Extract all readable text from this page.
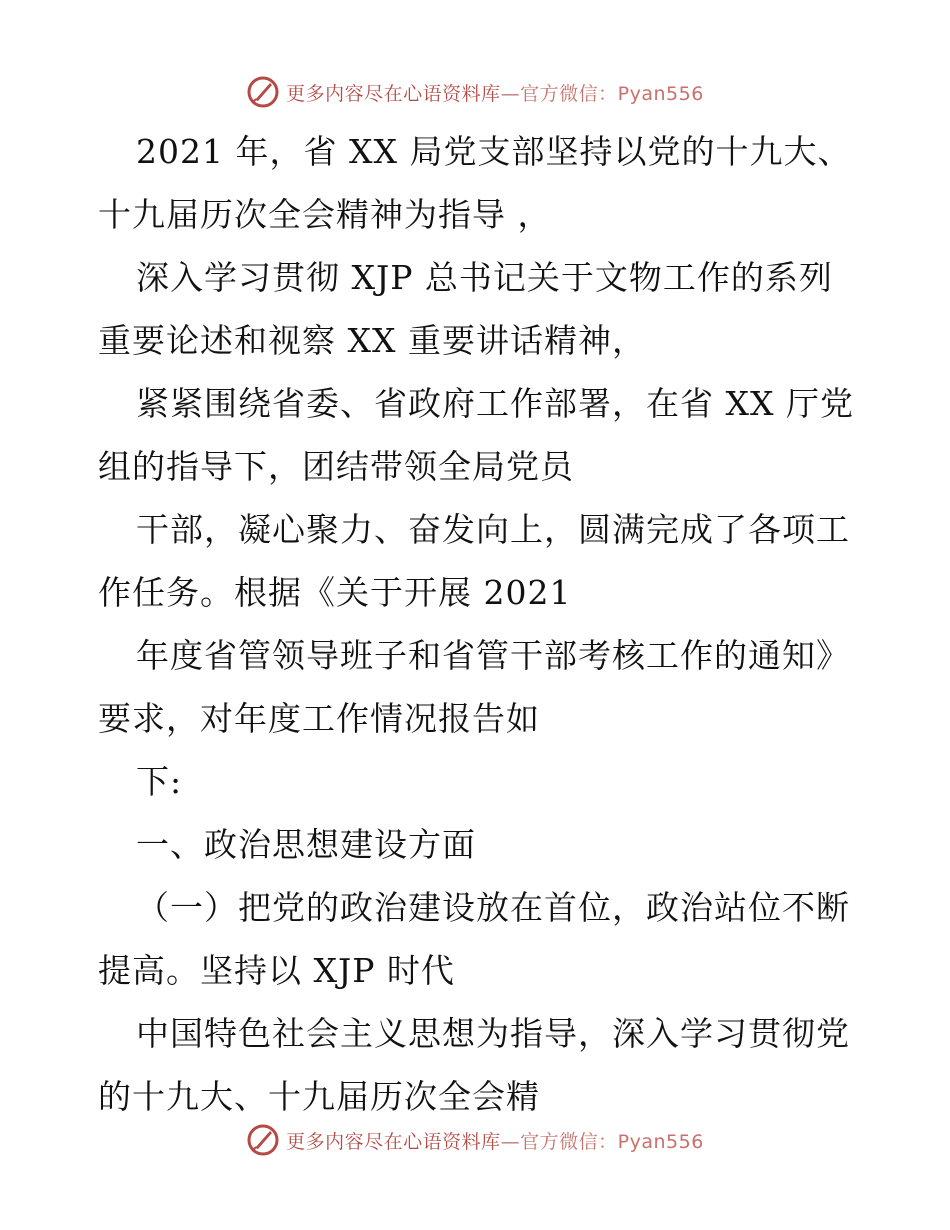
更多内容尽在心语资料库—官方微信：Pyan556
2021 年，省 XX 局党支部坚持以党的十九大、
十九届历次全会精神为指导 ，
深入学习贯彻 XJP 总书记关于文物工作的系列
重要论述和视察 XX 重要讲话精神，
紧紧围绕省委、省政府工作部署，在省 XX 厅党
组的指导下，团结带领全局党员
干部，凝心聚力、奋发向上，圆满完成了各项工
作任务。根据《关于开展 2021
年度省管领导班子和省管干部考核工作的通知》
要求，对年度工作情况报告如
下:
一、政治思想建设方面
（一）把党的政治建设放在首位，政治站位不断
提高。坚持以 XJP 时代
中国特色社会主义思想为指导，深入学习贯彻党
的十九大、十九届历次全会精
更多内容尽在心语资料库—官方微信：Pyan556
